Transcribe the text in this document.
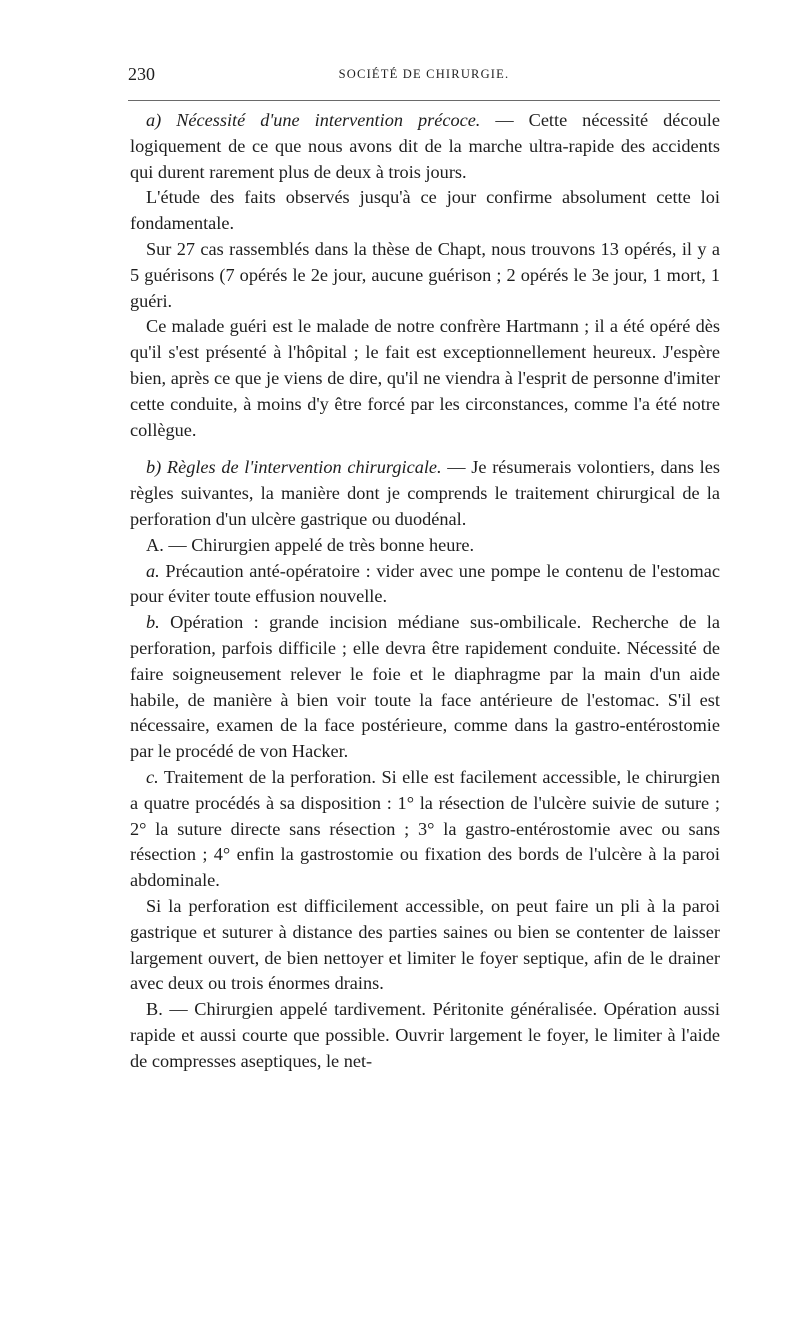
230	SOCIÉTÉ DE CHIRURGIE.

a) Nécessité d'une intervention précoce. — Cette nécessité découle logiquement de ce que nous avons dit de la marche ultra-rapide des accidents qui durent rarement plus de deux à trois jours.

L'étude des faits observés jusqu'à ce jour confirme absolument cette loi fondamentale.

Sur 27 cas rassemblés dans la thèse de Chapt, nous trouvons 13 opérés, il y a 5 guérisons (7 opérés le 2e jour, aucune guérison ; 2 opérés le 3e jour, 1 mort, 1 guéri.

Ce malade guéri est le malade de notre confrère Hartmann ; il a été opéré dès qu'il s'est présenté à l'hôpital ; le fait est exceptionnellement heureux. J'espère bien, après ce que je viens de dire, qu'il ne viendra à l'esprit de personne d'imiter cette conduite, à moins d'y être forcé par les circonstances, comme l'a été notre collègue.

b) Règles de l'intervention chirurgicale. — Je résumerais volontiers, dans les règles suivantes, la manière dont je comprends le traitement chirurgical de la perforation d'un ulcère gastrique ou duodénal.

A. — Chirurgien appelé de très bonne heure.

a. Précaution anté-opératoire : vider avec une pompe le contenu de l'estomac pour éviter toute effusion nouvelle.

b. Opération : grande incision médiane sus-ombilicale. Recherche de la perforation, parfois difficile ; elle devra être rapidement conduite. Nécessité de faire soigneusement relever le foie et le diaphragme par la main d'un aide habile, de manière à bien voir toute la face antérieure de l'estomac. S'il est nécessaire, examen de la face postérieure, comme dans la gastro-entérostomie par le procédé de von Hacker.

c. Traitement de la perforation. Si elle est facilement accessible, le chirurgien a quatre procédés à sa disposition : 1° la résection de l'ulcère suivie de suture ; 2° la suture directe sans résection ; 3° la gastro-entérostomie avec ou sans résection ; 4° enfin la gastrostomie ou fixation des bords de l'ulcère à la paroi abdominale.

Si la perforation est difficilement accessible, on peut faire un pli à la paroi gastrique et suturer à distance des parties saines ou bien se contenter de laisser largement ouvert, de bien nettoyer et limiter le foyer septique, afin de le drainer avec deux ou trois énormes drains.

B. — Chirurgien appelé tardivement. Péritonite généralisée. Opération aussi rapide et aussi courte que possible. Ouvrir largement le foyer, le limiter à l'aide de compresses aseptiques, le net-
